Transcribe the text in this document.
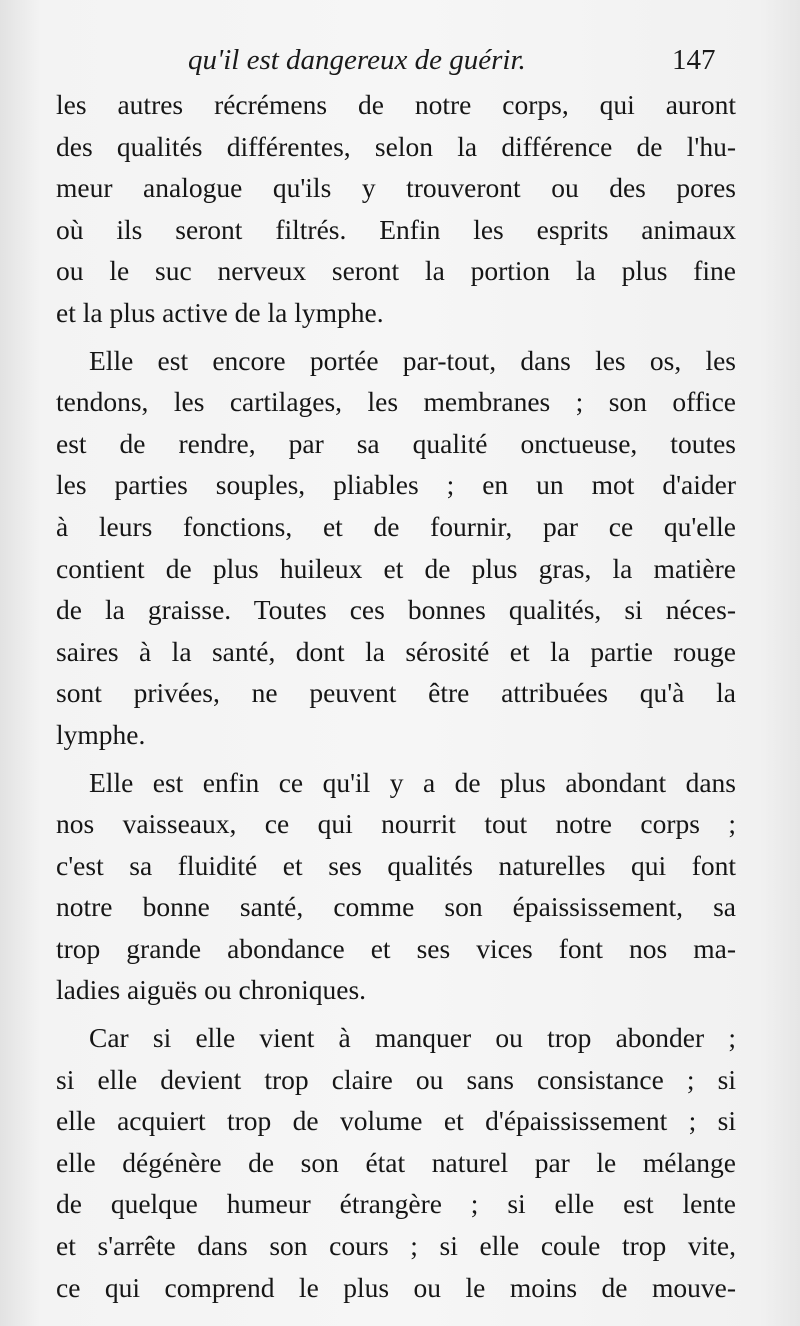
qu'il est dangereux de guérir.	147
les autres récrémens de notre corps, qui auront
des qualités différentes, selon la différence de l'hu-
meur analogue qu'ils y trouveront ou des pores
où ils seront filtrés. Enfin les esprits animaux
ou le suc nerveux seront la portion la plus fine
et la plus active de la lymphe.
Elle est encore portée par-tout, dans les os, les
tendons, les cartilages, les membranes ; son office
est de rendre, par sa qualité onctueuse, toutes
les parties souples, pliables ; en un mot d'aider
à leurs fonctions, et de fournir, par ce qu'elle
contient de plus huileux et de plus gras, la matière
de la graisse. Toutes ces bonnes qualités, si néces-
saires à la santé, dont la sérosité et la partie rouge
sont privées, ne peuvent être attribuées qu'à la
lymphe.
Elle est enfin ce qu'il y a de plus abondant dans
nos vaisseaux, ce qui nourrit tout notre corps ;
c'est sa fluidité et ses qualités naturelles qui font
notre bonne santé, comme son épaississement, sa
trop grande abondance et ses vices font nos ma-
ladies aiguës ou chroniques.
Car si elle vient à manquer ou trop abonder ;
si elle devient trop claire ou sans consistance ; si
elle acquiert trop de volume et d'épaississement ; si
elle dégénère de son état naturel par le mélange
de quelque humeur étrangère ; si elle est lente
et s'arrête dans son cours ; si elle coule trop vite,
ce qui comprend le plus ou le moins de mouve-
